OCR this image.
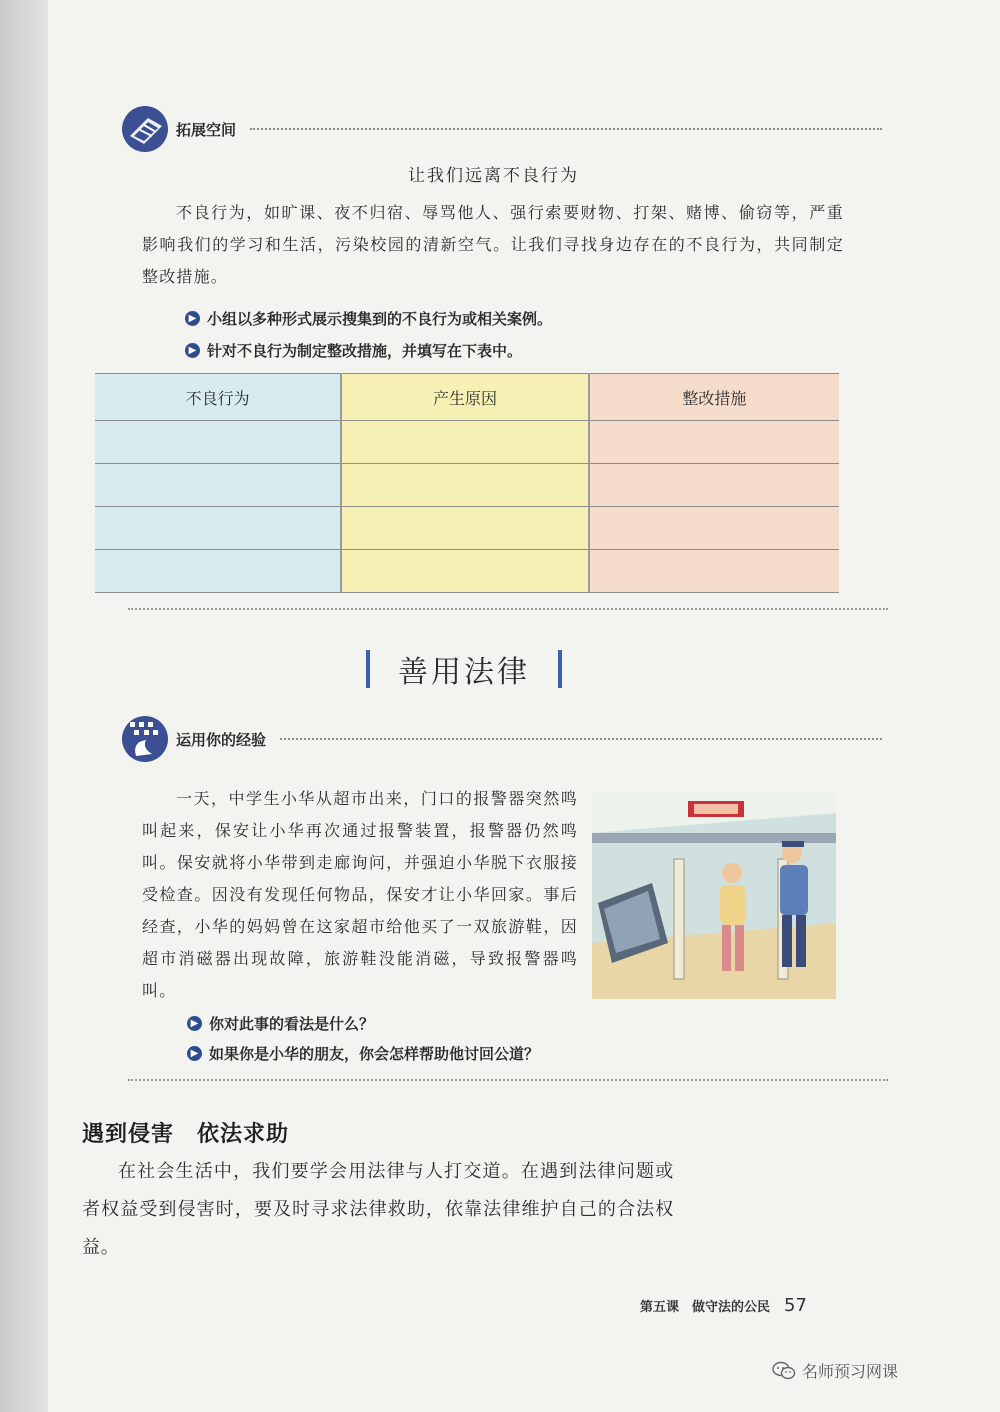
拓展空间
让我们远离不良行为
不良行为，如旷课、夜不归宿、辱骂他人、强行索要财物、打架、赌博、偷窃等，严重影响我们的学习和生活，污染校园的清新空气。让我们寻找身边存在的不良行为，共同制定整改措施。
▶ 小组以多种形式展示搜集到的不良行为或相关案例。
▶ 针对不良行为制定整改措施，并填写在下表中。
不良行为	产生原因	整改措施

善用法律
运用你的经验
一天，中学生小华从超市出来，门口的报警器突然鸣叫起来，保安让小华再次通过报警装置，报警器仍然鸣叫。保安就将小华带到走廊询问，并强迫小华脱下衣服接受检查。因没有发现任何物品，保安才让小华回家。事后经查，小华的妈妈曾在这家超市给他买了一双旅游鞋，因超市消磁器出现故障，旅游鞋没能消磁，导致报警器鸣叫。
▶ 你对此事的看法是什么？
▶ 如果你是小华的朋友，你会怎样帮助他讨回公道？
遇到侵害　依法求助
在社会生活中，我们要学会用法律与人打交道。在遇到法律问题或者权益受到侵害时，要及时寻求法律救助，依靠法律维护自己的合法权益。
第五课　做守法的公民 57
名师预习网课
